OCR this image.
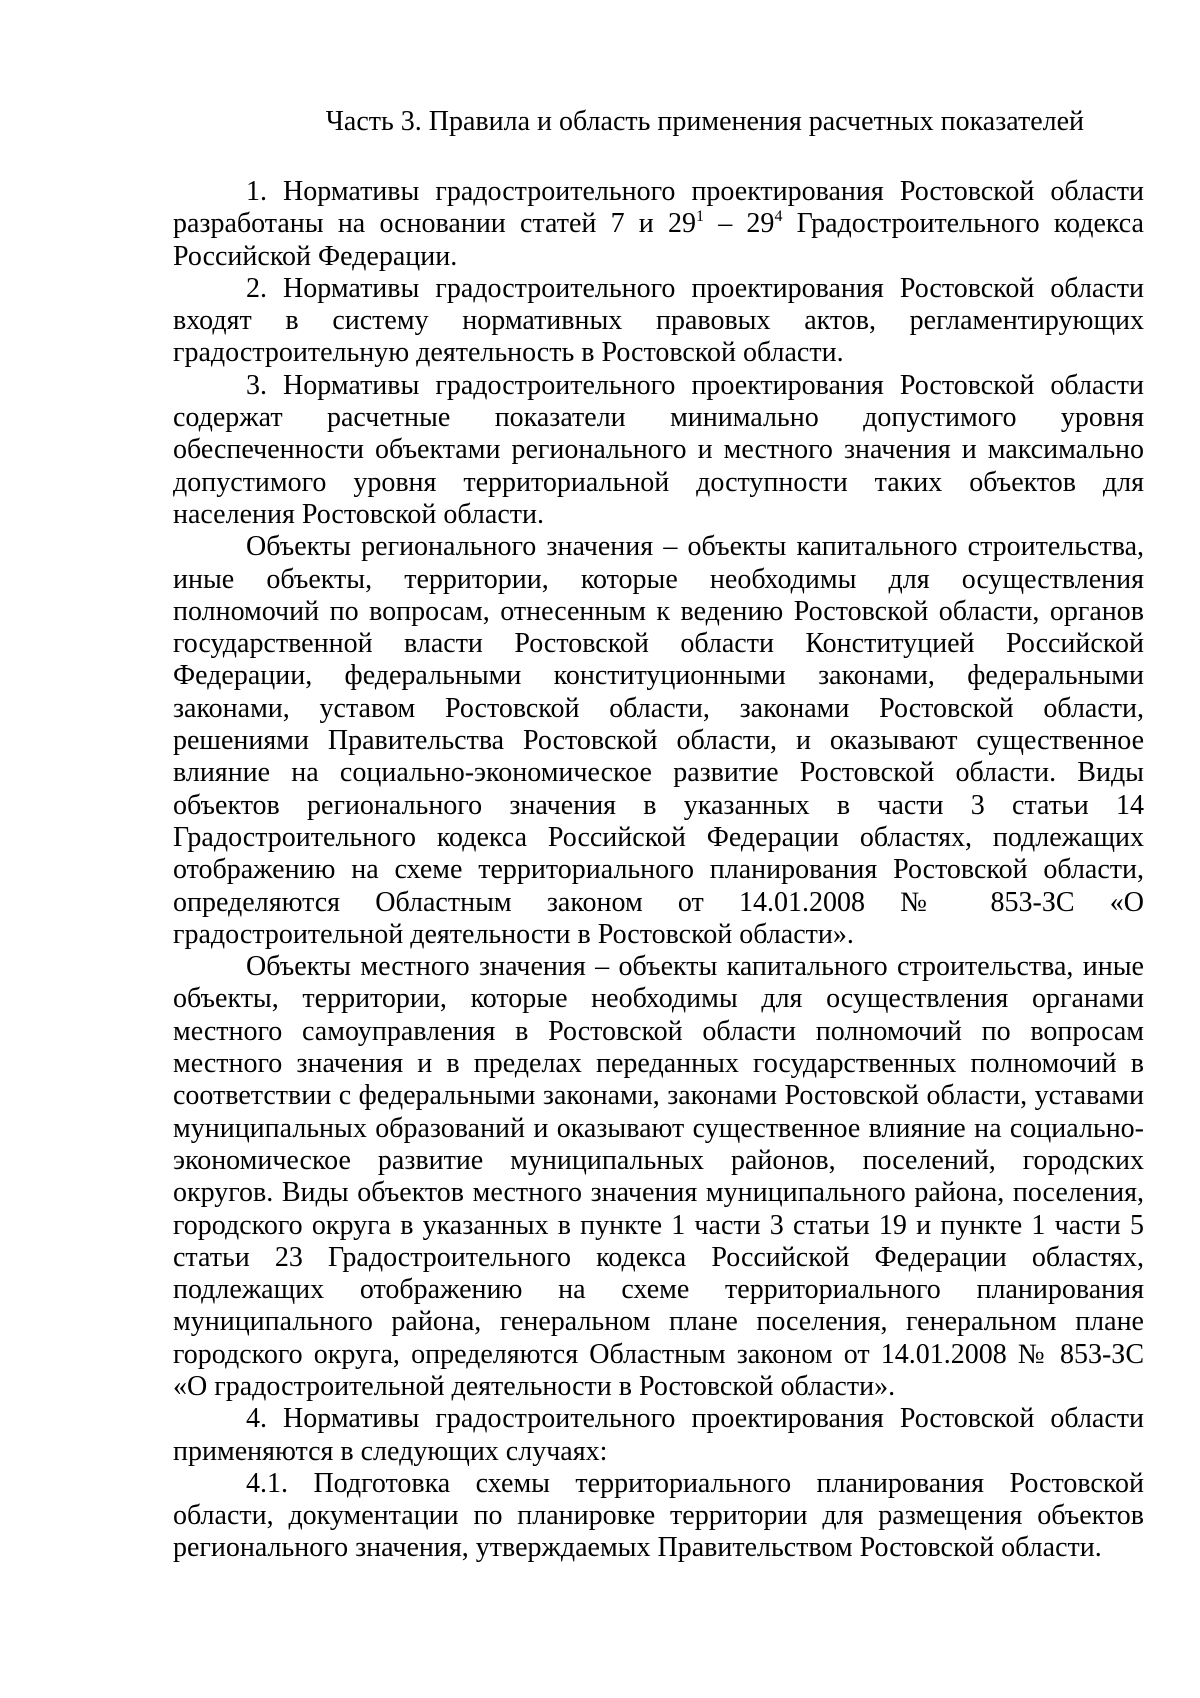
Часть 3. Правила и область применения расчетных показателей

1. Нормативы градостроительного проектирования Ростовской области разработаны на основании статей 7 и $29^1 - 29^4$ Градостроительного кодекса Российской Федерации.

2. Нормативы градостроительного проектирования Ростовской области входят в систему нормативных правовых актов, регламентирующих градостроительную деятельность в Ростовской области.

3. Нормативы градостроительного проектирования Ростовской области содержат расчетные показатели минимально допустимого уровня обеспеченности объектами регионального и местного значения и максимально допустимого уровня территориальной доступности таких объектов для населения Ростовской области.

Объекты регионального значения – объекты капитального строительства, иные объекты, территории, которые необходимы для осуществления полномочий по вопросам, отнесенным к ведению Ростовской области, органов государственной власти Ростовской области Конституцией Российской Федерации, федеральными конституционными законами, федеральными законами, уставом Ростовской области, законами Ростовской области, решениями Правительства Ростовской области, и оказывают существенное влияние на социально-экономическое развитие Ростовской области. Виды объектов регионального значения в указанных в части 3 статьи 14 Градостроительного кодекса Российской Федерации областях, подлежащих отображению на схеме территориального планирования Ростовской области, определяются Областным законом от 14.01.2008 № 853-ЗС «О градостроительной деятельности в Ростовской области».

Объекты местного значения – объекты капитального строительства, иные объекты, территории, которые необходимы для осуществления органами местного самоуправления в Ростовской области полномочий по вопросам местного значения и в пределах переданных государственных полномочий в соответствии с федеральными законами, законами Ростовской области, уставами муниципальных образований и оказывают существенное влияние на социально-экономическое развитие муниципальных районов, поселений, городских округов. Виды объектов местного значения муниципального района, поселения, городского округа в указанных в пункте 1 части 3 статьи 19 и пункте 1 части 5 статьи 23 Градостроительного кодекса Российской Федерации областях, подлежащих отображению на схеме территориального планирования муниципального района, генеральном плане поселения, генеральном плане городского округа, определяются Областным законом от 14.01.2008 № 853-ЗС «О градостроительной деятельности в Ростовской области».

4. Нормативы градостроительного проектирования Ростовской области применяются в следующих случаях:

4.1. Подготовка схемы территориального планирования Ростовской области, документации по планировке территории для размещения объектов регионального значения, утверждаемых Правительством Ростовской области.
